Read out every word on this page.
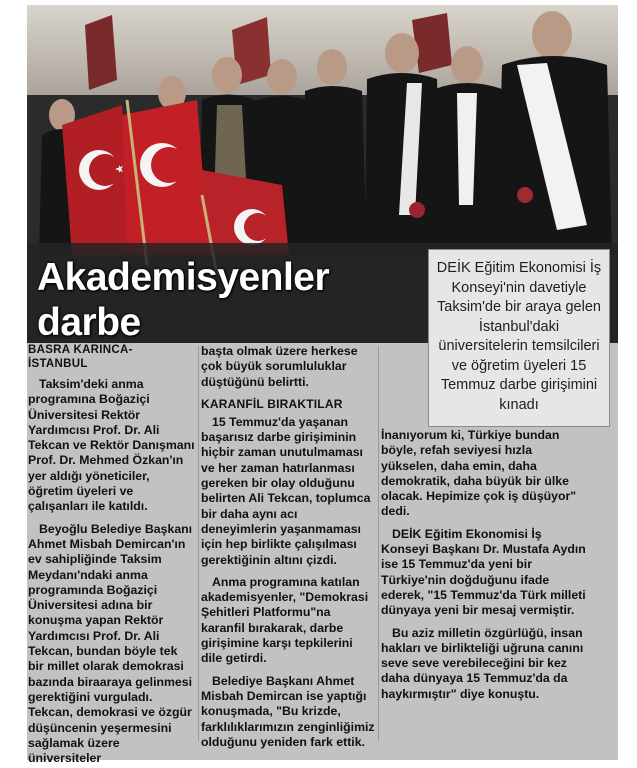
Akademisyenler darbe

DEİK Eğitim Ekonomisi İş Konseyi'nin davetiyle Taksim'de bir araya gelen İstanbul'daki üniversitelerin temsilcileri ve öğretim üyeleri 15 Temmuz darbe girişimini kınadı

BASRA KARINCA-
İSTANBUL

Taksim'deki anma programına Boğaziçi Üniversitesi Rektör Yardımcısı Prof. Dr. Ali Tekcan ve Rektör Danışmanı Prof. Dr. Mehmed Özkan'ın yer aldığı yöneticiler, öğretim üyeleri ve çalışanları ile katıldı.

Beyoğlu Belediye Başkanı Ahmet Misbah Demircan'ın ev sahipliğinde Taksim Meydanı'ndaki anma programında Boğaziçi Üniversitesi adına bir konuşma yapan Rektör Yardımcısı Prof. Dr. Ali Tekcan, bundan böyle tek bir millet olarak demokrasi bazında biraaraya gelinmesi gerektiğini vurguladı. Tekcan, demokrasi ve özgür düşüncenin yeşermesini sağlamak üzere üniversiteler

başta olmak üzere herkese çok büyük sorumluluklar düştüğünü belirtti.

KARANFİL BIRAKTILAR

15 Temmuz'da yaşanan başarısız darbe girişiminin hiçbir zaman unutulmaması ve her zaman hatırlanması gereken bir olay olduğunu belirten Ali Tekcan, toplumca bir daha aynı acı deneyimlerin yaşanmaması için hep birlikte çalışılması gerektiğinin altını çizdi.

Anma programına katılan akademisyenler, "Demokrasi Şehitleri Platformu"na karanfil bırakarak, darbe girişimine karşı tepkilerini dile getirdi.

Belediye Başkanı Ahmet Misbah Demircan ise yaptığı konuşmada, "Bu krizde, farklılıklarımızın zenginliğimiz olduğunu yeniden fark ettik.

İnanıyorum ki, Türkiye bundan böyle, refah seviyesi hızla yükselen, daha emin, daha demokratik, daha büyük bir ülke olacak. Hepimize çok iş düşüyor" dedi.

DEİK Eğitim Ekonomisi İş Konseyi Başkanı Dr. Mustafa Aydın ise 15 Temmuz'da yeni bir Türkiye'nin doğduğunu ifade ederek, "15 Temmuz'da Türk milleti dünyaya yeni bir mesaj vermiştir.

Bu aziz milletin özgürlüğü, insan hakları ve birlikteliği uğruna canını seve seve verebileceğini bir kez daha dünyaya 15 Temmuz'da da haykırmıştır" diye konuştu.
